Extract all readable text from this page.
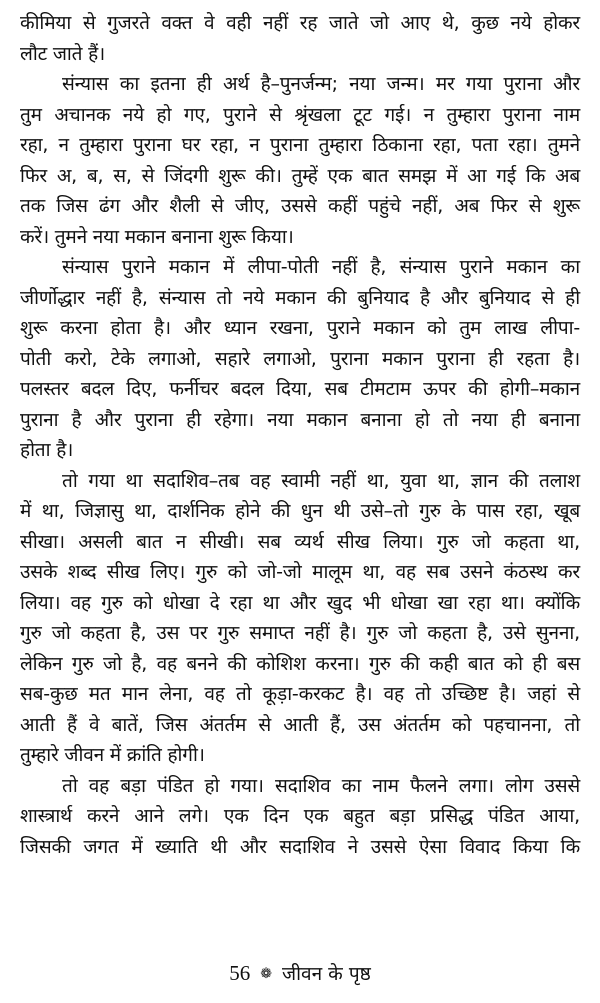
कीमिया से गुजरते वक्त वे वही नहीं रह जाते जो आए थे, कुछ नये होकर
लौट जाते हैं।
संन्यास का इतना ही अर्थ है–पुनर्जन्म; नया जन्म। मर गया पुराना और
तुम अचानक नये हो गए, पुराने से श्रृंखला टूट गई। न तुम्हारा पुराना नाम
रहा, न तुम्हारा पुराना घर रहा, न पुराना तुम्हारा ठिकाना रहा, पता रहा। तुमने
फिर अ, ब, स, से जिंदगी शुरू की। तुम्हें एक बात समझ में आ गई कि अब
तक जिस ढंग और शैली से जीए, उससे कहीं पहुंचे नहीं, अब फिर से शुरू
करें। तुमने नया मकान बनाना शुरू किया।
संन्यास पुराने मकान में लीपा-पोती नहीं है, संन्यास पुराने मकान का
जीर्णोद्धार नहीं है, संन्यास तो नये मकान की बुनियाद है और बुनियाद से ही
शुरू करना होता है। और ध्यान रखना, पुराने मकान को तुम लाख लीपा-
पोती करो, टेके लगाओ, सहारे लगाओ, पुराना मकान पुराना ही रहता है।
पलस्तर बदल दिए, फर्नीचर बदल दिया, सब टीमटाम ऊपर की होगी–मकान
पुराना है और पुराना ही रहेगा। नया मकान बनाना हो तो नया ही बनाना
होता है।
तो गया था सदाशिव–तब वह स्वामी नहीं था, युवा था, ज्ञान की तलाश
में था, जिज्ञासु था, दार्शनिक होने की धुन थी उसे–तो गुरु के पास रहा, खूब
सीखा। असली बात न सीखी। सब व्यर्थ सीख लिया। गुरु जो कहता था,
उसके शब्द सीख लिए। गुरु को जो-जो मालूम था, वह सब उसने कंठस्थ कर
लिया। वह गुरु को धोखा दे रहा था और खुद भी धोखा खा रहा था। क्योंकि
गुरु जो कहता है, उस पर गुरु समाप्त नहीं है। गुरु जो कहता है, उसे सुनना,
लेकिन गुरु जो है, वह बनने की कोशिश करना। गुरु की कही बात को ही बस
सब-कुछ मत मान लेना, वह तो कूड़ा-करकट है। वह तो उच्छिष्ट है। जहां से
आती हैं वे बातें, जिस अंतर्तम से आती हैं, उस अंतर्तम को पहचानना, तो
तुम्हारे जीवन में क्रांति होगी।
तो वह बड़ा पंडित हो गया। सदाशिव का नाम फैलने लगा। लोग उससे
शास्त्रार्थ करने आने लगे। एक दिन एक बहुत बड़ा प्रसिद्ध पंडित आया,
जिसकी जगत में ख्याति थी और सदाशिव ने उससे ऐसा विवाद किया कि
56 ❁ जीवन के पृष्ठ
